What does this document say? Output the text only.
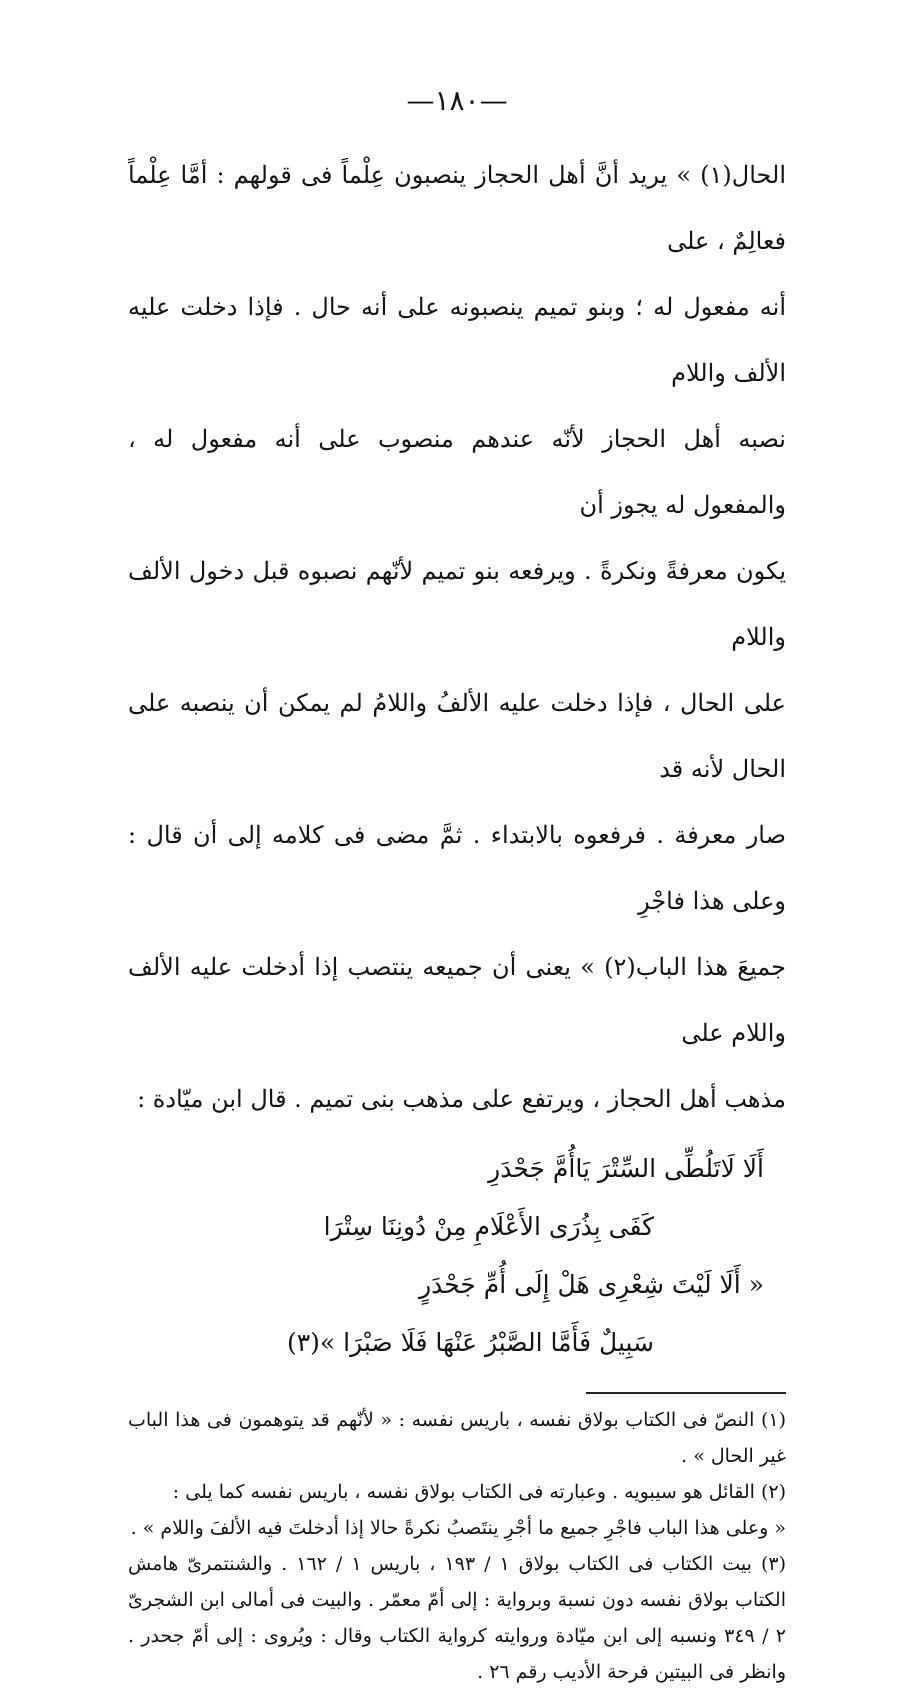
—١٨٠—

الحال(١) » يريد أنَّ أهل الحجاز ينصبون عِلْماً فى قولهم : أمَّا عِلْماً فعالِمٌ ، على

أنه مفعول له ؛ وبنو تميم ينصبونه على أنه حال . فإذا دخلت عليه الألف واللام

نصبه أهل الحجاز لأنّه عندهم منصوب على أنه مفعول له ، والمفعول له يجوز أن

يكون معرفةً ونكرةً . ويرفعه بنو تميم لأنّهم نصبوه قبل دخول الألف واللام

على الحال ، فإذا دخلت عليه الألفُ واللامُ لم يمكن أن ينصبه على الحال لأنه قد

صار معرفة . فرفعوه بالابتداء . ثمَّ مضى فى كلامه إلى أن قال : وعلى هذا فاجْرِ

جميعَ هذا الباب(٢) » يعنى أن جميعه ينتصب إذا أدخلت عليه الألف واللام على

مذهب أهل الحجاز ، ويرتفع على مذهب بنى تميم . قال ابن ميّادة :

أَلَا لَاتَلُطِّى السِّتْرَ يَاأُمَّ جَحْدَرِ
كَفَى بِذُرَى الأَعْلَامِ مِنْ دُونِنَا سِتْرَا
« أَلَا لَيْتَ شِعْرِى هَلْ إِلَى أُمِّ جَحْدَرٍ
سَبِيلٌ فَأَمَّا الصَّبْرُ عَنْهَا فَلَا صَبْرَا »(٣)

(١) النصّ فى الكتاب بولاق نفسه ، باريس نفسه : « لأنّهم قد يتوهمون فى هذا الباب غير الحال » .

(٢) القائل هو سيبويه . وعبارته فى الكتاب بولاق نفسه ، باريس نفسه كما يلى :

« وعلى هذا الباب فاجْرِ جميع ما أجْرِ ينتَصبُ نكرةً حالا إذا أدخلتَ فيه الألفَ واللام » .

(٣) بيت الكتاب فى الكتاب بولاق ١ / ١٩٣ ، باريس ١ / ١٦٢ . والشنتمرىّ هامش الكتاب بولاق نفسه دون نسبة وبرواية : إلى أمّ معمّر . والبيت فى أمالى ابن الشجرىّ ٢ / ٣٤٩ ونسبه إلى ابن ميّادة وروايته كرواية الكتاب وقال : ويُروى : إلى أمّ جحدر . وانظر فى البيتين فرحة الأديب رقم ٢٦ .
